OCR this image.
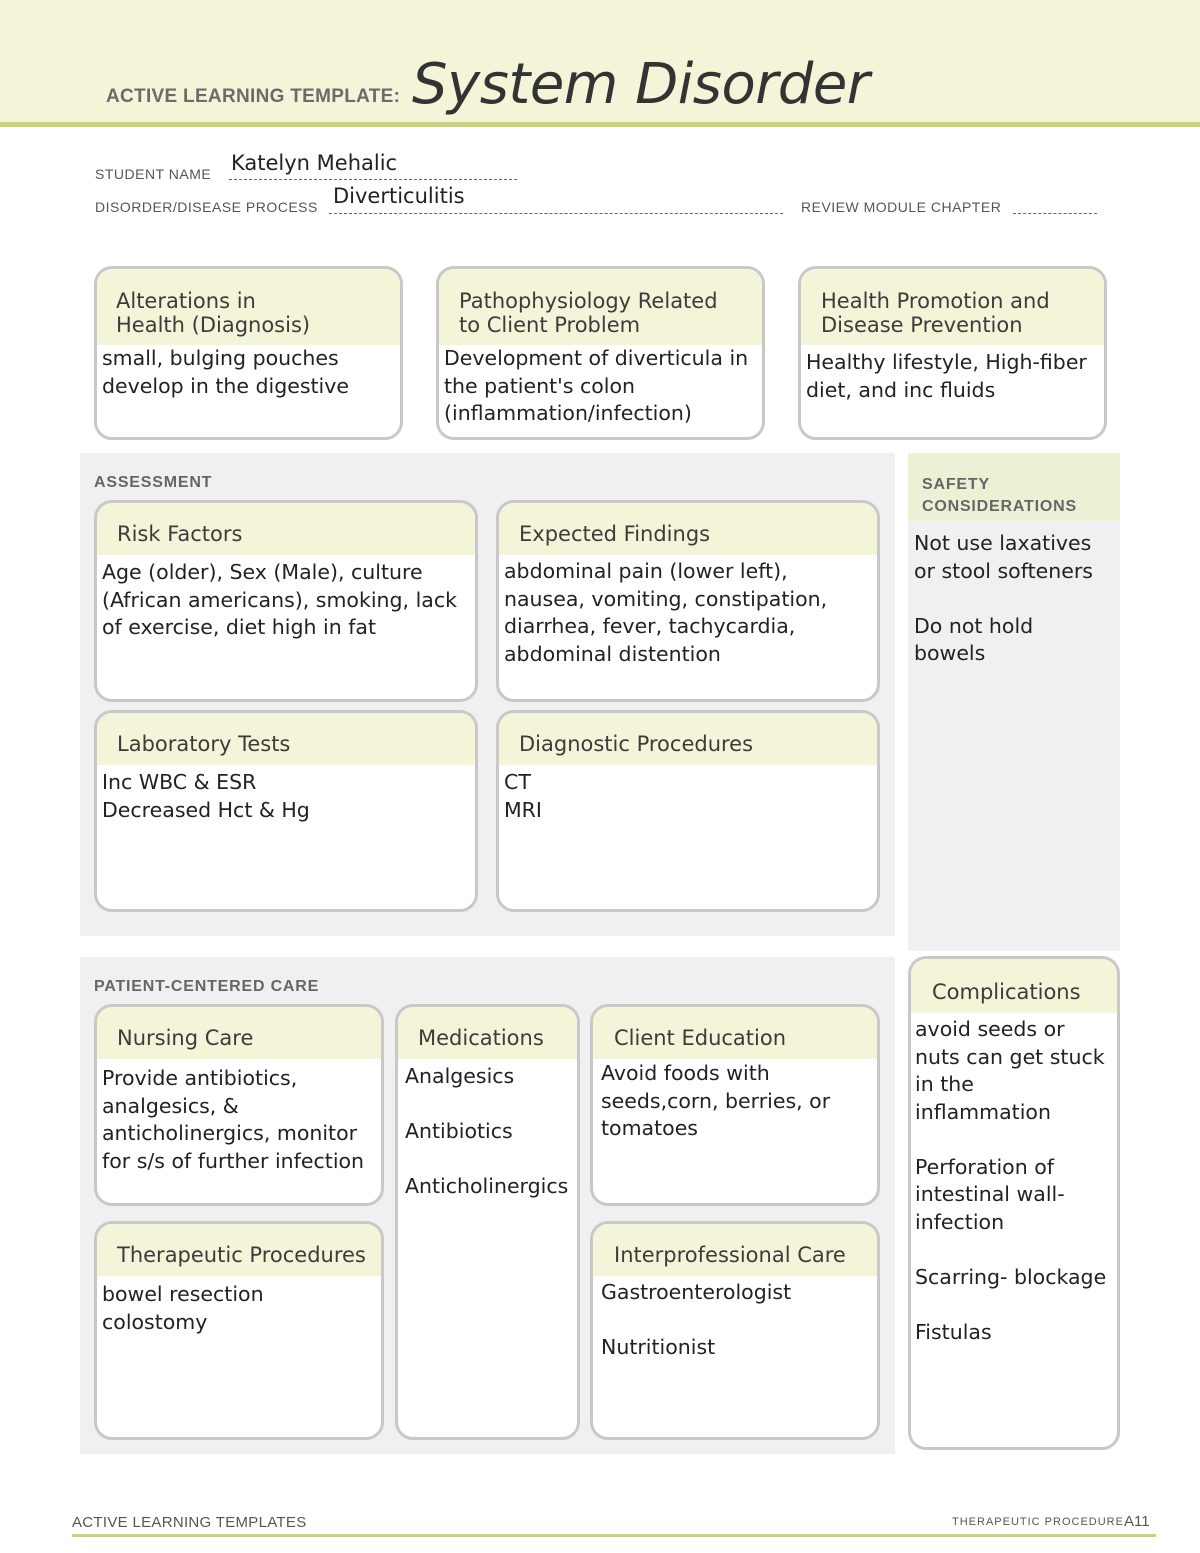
ACTIVE LEARNING TEMPLATE: System Disorder
STUDENT NAME Katelyn Mehalic
DISORDER/DISEASE PROCESS Diverticulitis	REVIEW MODULE CHAPTER
Alterations in
Health (Diagnosis)
small, bulging pouches
develop in the digestive
Pathophysiology Related
to Client Problem
Development of diverticula in
the patient's colon
(inflammation/infection)
Health Promotion and
Disease Prevention
Healthy lifestyle, High-fiber
diet, and inc fluids
ASSESSMENT
Risk Factors
Age (older), Sex (Male), culture
(African americans), smoking, lack
of exercise, diet high in fat
Expected Findings
abdominal pain (lower left),
nausea, vomiting, constipation,
diarrhea, fever, tachycardia,
abdominal distention
Laboratory Tests
Inc WBC & ESR
Decreased Hct & Hg
Diagnostic Procedures
CT
MRI
SAFETY
CONSIDERATIONS
Not use laxatives
or stool softeners

Do not hold
bowels
PATIENT-CENTERED CARE
Nursing Care
Provide antibiotics,
analgesics, &
anticholinergics, monitor
for s/s of further infection
Medications
Analgesics

Antibiotics

Anticholinergics
Client Education
Avoid foods with
seeds,corn, berries, or
tomatoes
Therapeutic Procedures
bowel resection
colostomy
Interprofessional Care
Gastroenterologist

Nutritionist
Complications
avoid seeds or
nuts can get stuck
in the inflammation

Perforation of
intestinal wall-
infection

Scarring- blockage

Fistulas
ACTIVE LEARNING TEMPLATES	THERAPEUTIC PROCEDURE A11
